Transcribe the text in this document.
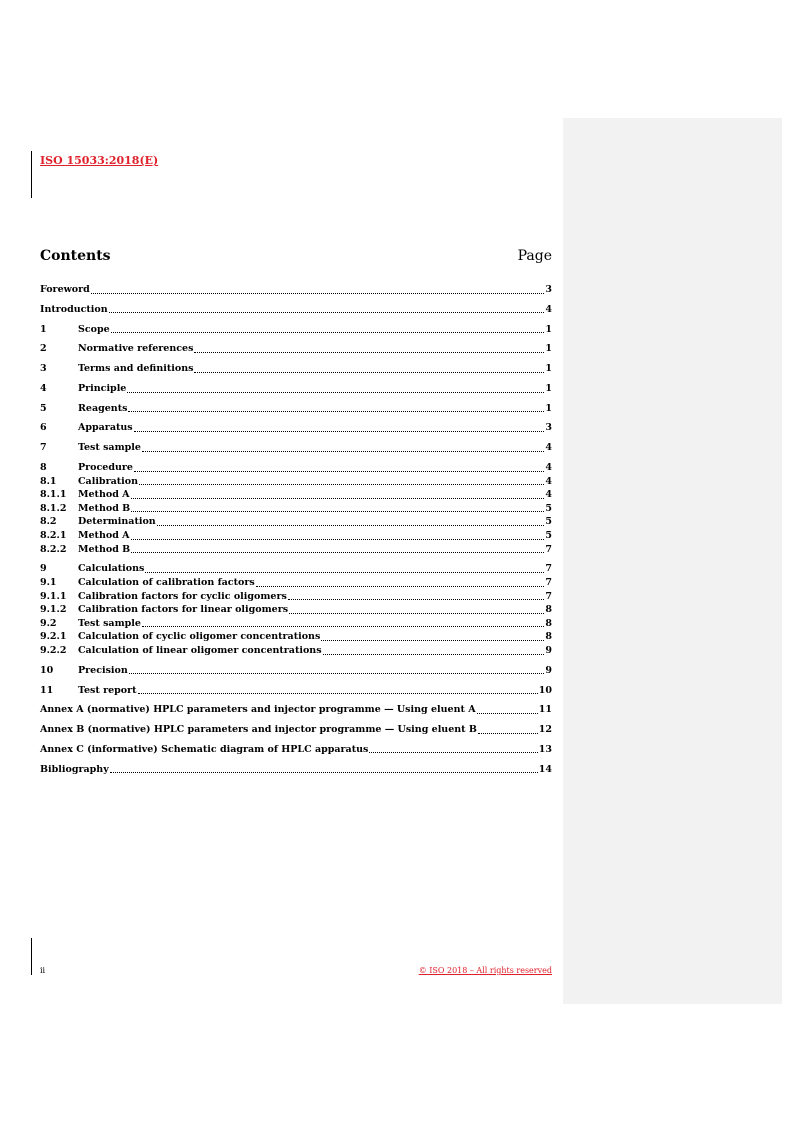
ISO 15033:2018(E)
Contents	Page
Foreword	3
Introduction	4
1	Scope	1
2	Normative references	1
3	Terms and definitions	1
4	Principle	1
5	Reagents	1
6	Apparatus	3
7	Test sample	4
8	Procedure	4
8.1	Calibration	4
8.1.1	Method A	4
8.1.2	Method B	5
8.2	Determination	5
8.2.1	Method A	5
8.2.2	Method B	7
9	Calculations	7
9.1	Calculation of calibration factors	7
9.1.1	Calibration factors for cyclic oligomers	7
9.1.2	Calibration factors for linear oligomers	8
9.2	Test sample	8
9.2.1	Calculation of cyclic oligomer concentrations	8
9.2.2	Calculation of linear oligomer concentrations	9
10	Precision	9
11	Test report	10
Annex A (normative) HPLC parameters and injector programme — Using eluent A	11
Annex B (normative) HPLC parameters and injector programme — Using eluent B	12
Annex C (informative) Schematic diagram of HPLC apparatus	13
Bibliography	14
ii	© ISO 2018 – All rights reserved
